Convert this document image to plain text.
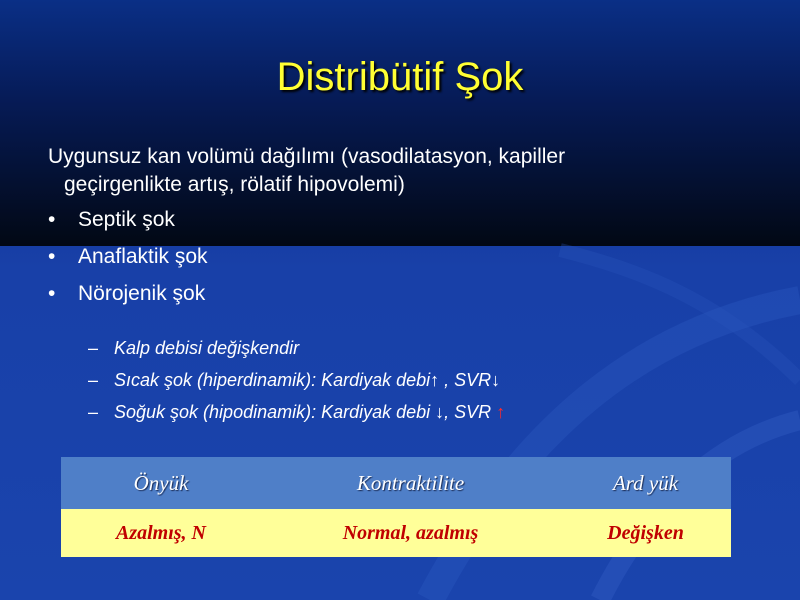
Distribütif Şok

Uygunsuz kan volümü dağılımı (vasodilatasyon, kapiller
geçirgenlikte artış, rölatif hipovolemi)

• Septik şok
• Anaflaktik şok
• Nörojenik şok
– Kalp debisi değişkendir
– Sıcak şok (hiperdinamik): Kardiyak debi↑ , SVR↓
– Soğuk şok (hipodinamik): Kardiyak debi ↓, SVR ↑
Önyük	Kontraktilite	Ard yük
Azalmış, N	Normal, azalmış	Değişken
